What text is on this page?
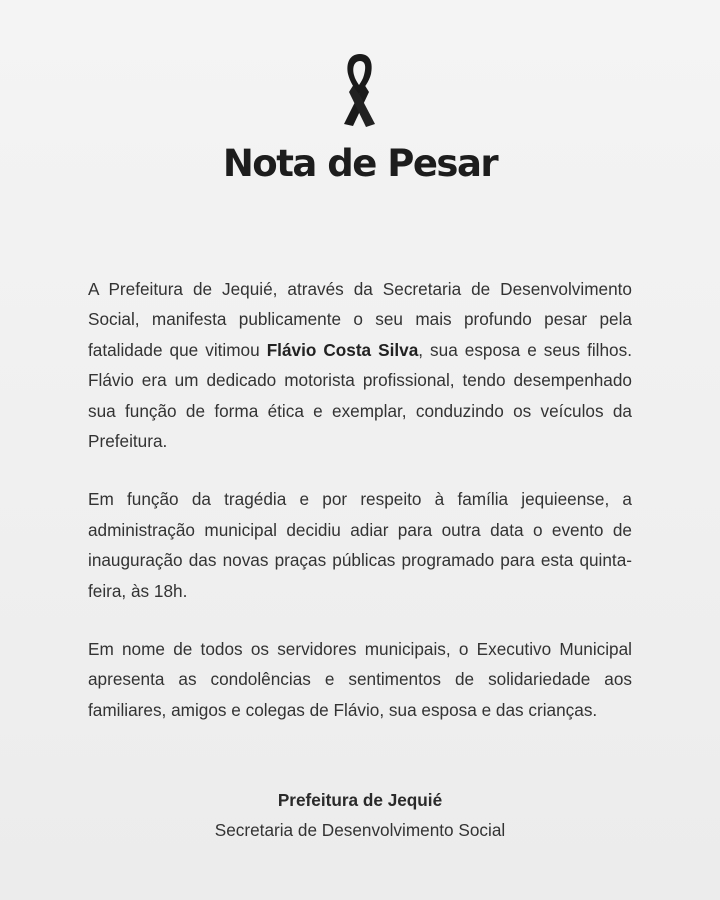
Nota de Pesar

A Prefeitura de Jequié, através da Secretaria de Desenvolvimento Social, manifesta publicamente o seu mais profundo pesar pela fatalidade que vitimou Flávio Costa Silva, sua esposa e seus filhos. Flávio era um dedicado motorista profissional, tendo desempenhado sua função de forma ética e exemplar, conduzindo os veículos da Prefeitura.

Em função da tragédia e por respeito à família jequieense, a administração municipal decidiu adiar para outra data o evento de inauguração das novas praças públicas programado para esta quinta-feira, às 18h.

Em nome de todos os servidores municipais, o Executivo Municipal apresenta as condolências e sentimentos de solidariedade aos familiares, amigos e colegas de Flávio, sua esposa e das crianças.

Prefeitura de Jequié
Secretaria de Desenvolvimento Social
